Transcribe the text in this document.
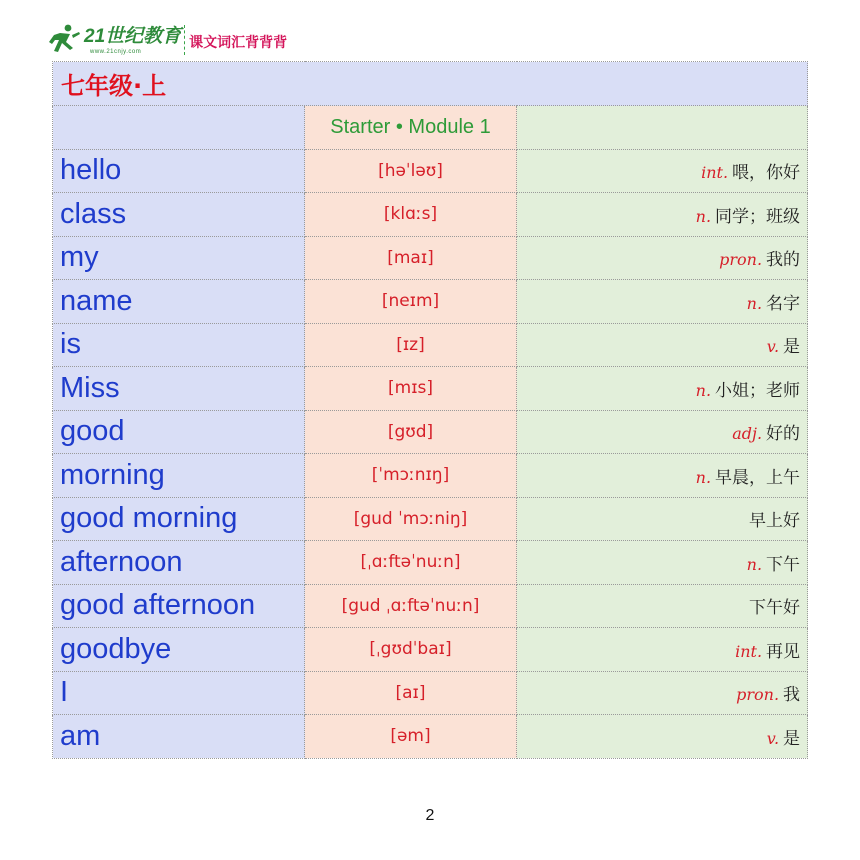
21世纪教育
www.21cnjy.com
课文词汇背背背
七年级·上		
	Starter • Module 1	
hello	[həˈləʊ]	int. 喂，你好
class	[klɑːs]	n. 同学；班级
my	[maɪ]	pron. 我的
name	[neɪm]	n. 名字
is	[ɪz]	v. 是
Miss	[mɪs]	n. 小姐；老师
good	[gʊd]	adj. 好的
morning	[ˈmɔːnɪŋ]	n. 早晨，上午
good morning	[gud ˈmɔːniŋ]	早上好
afternoon	[ˌɑːftəˈnuːn]	n. 下午
good afternoon	[gud ˌɑːftəˈnuːn]	下午好
goodbye	[ˌgʊdˈbaɪ]	int. 再见
I	[aɪ]	pron. 我
am	[əm]	v. 是
2
